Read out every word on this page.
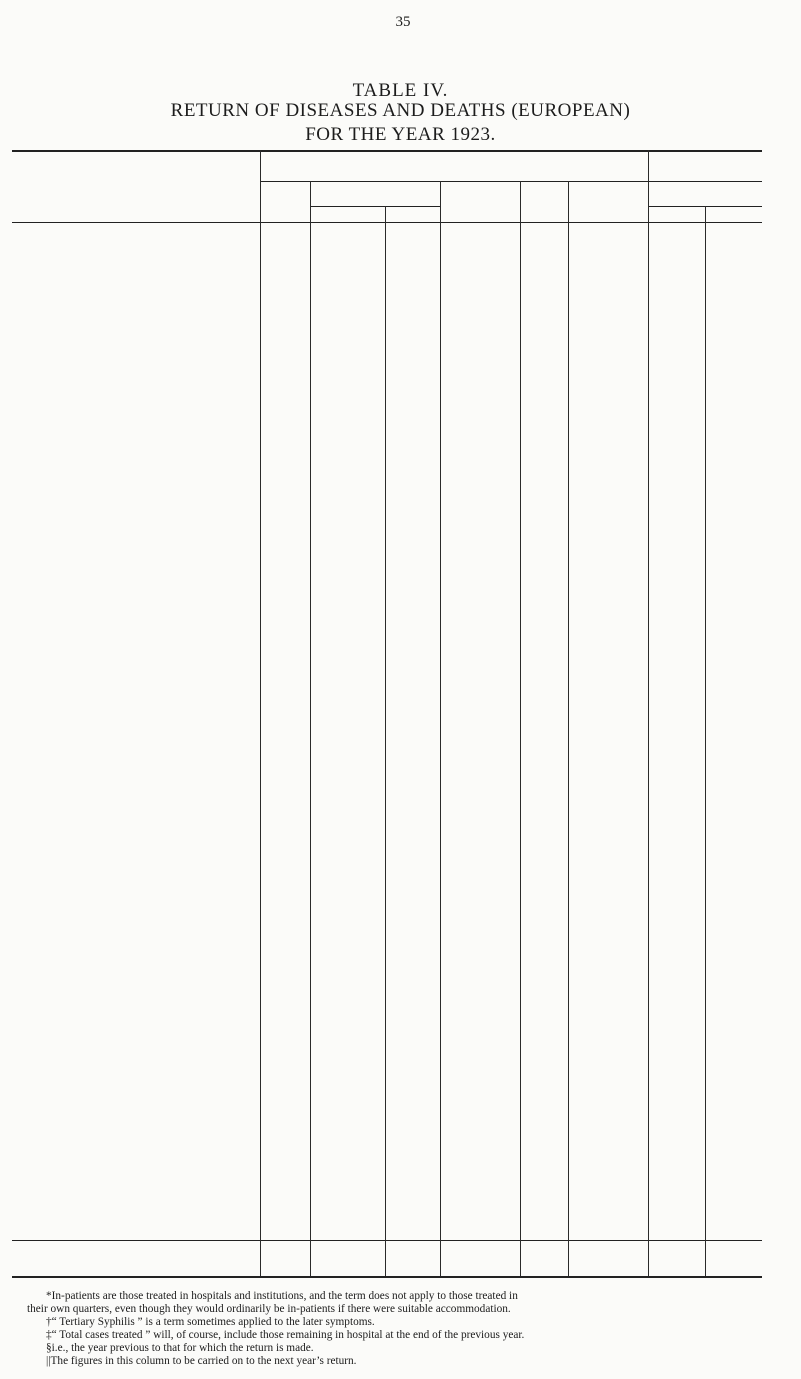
35
TABLE IV.
RETURN OF DISEASES AND DEATHS (EUROPEAN)
FOR THE YEAR 1923.
*In-patients are those treated in hospitals and institutions, and the term does not apply to those treated in
their own quarters, even though they would ordinarily be in-patients if there were suitable accommodation.
†“ Tertiary Syphilis ” is a term sometimes applied to the later symptoms.
‡“ Total cases treated ” will, of course, include those remaining in hospital at the end of the previous year.
§i.e., the year previous to that for which the return is made.
||The figures in this column to be carried on to the next year’s return.
